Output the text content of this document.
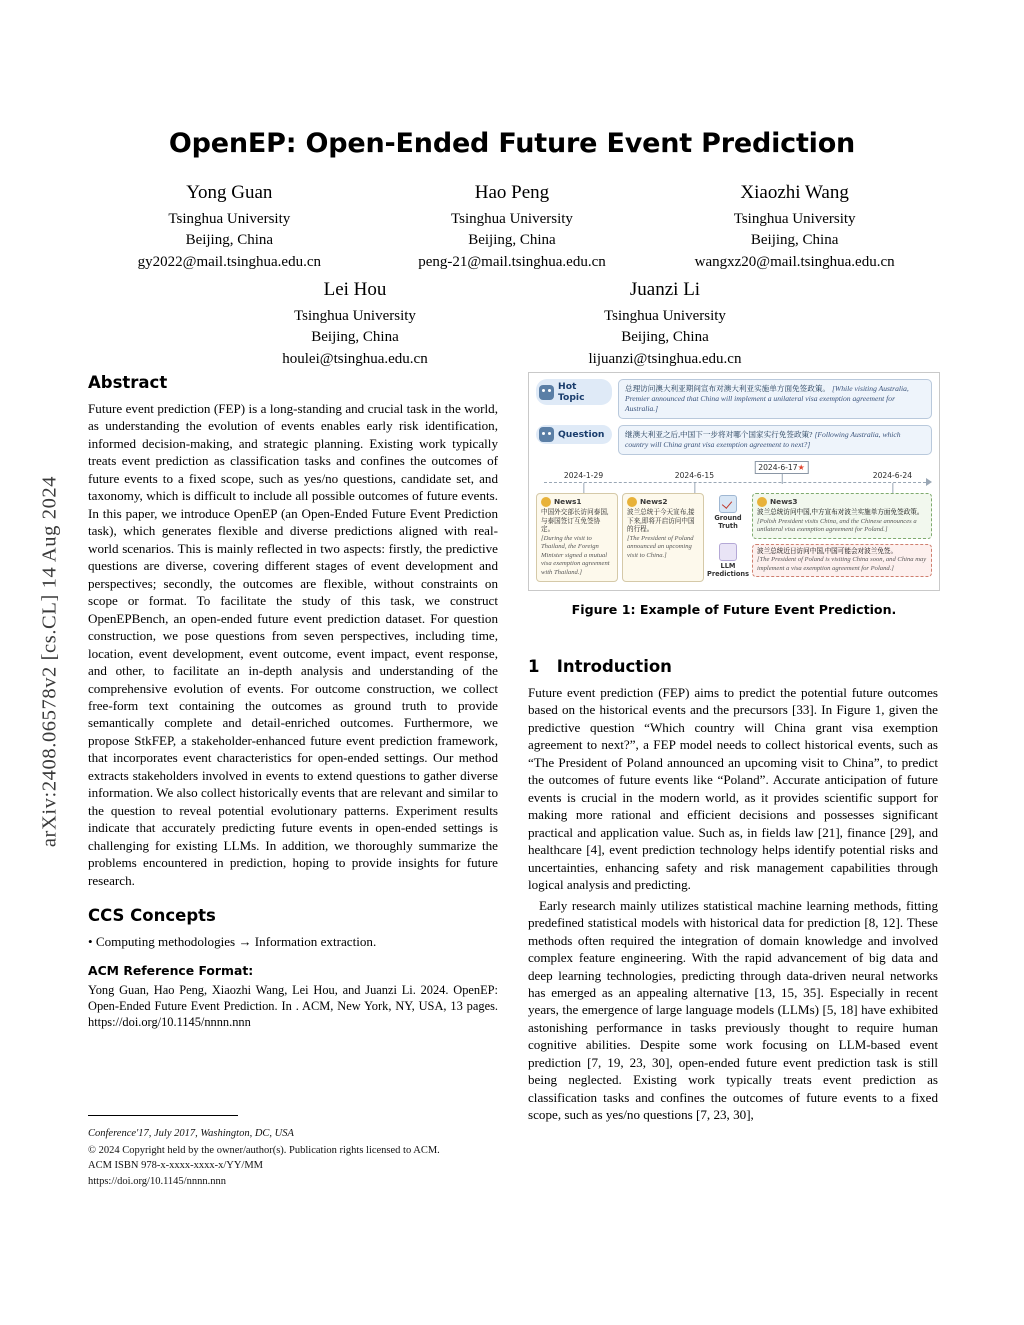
arXiv:2408.06578v2 [cs.CL] 14 Aug 2024
OpenEP: Open-Ended Future Event Prediction
Yong Guan
Tsinghua University
Beijing, China
gy2022@mail.tsinghua.edu.cn
Hao Peng
Tsinghua University
Beijing, China
peng-21@mail.tsinghua.edu.cn
Xiaozhi Wang
Tsinghua University
Beijing, China
wangxz20@mail.tsinghua.edu.cn
Lei Hou
Tsinghua University
Beijing, China
houlei@tsinghua.edu.cn
Juanzi Li
Tsinghua University
Beijing, China
lijuanzi@tsinghua.edu.cn
Abstract

Future event prediction (FEP) is a long-standing and crucial task in the world, as understanding the evolution of events enables early risk identification, informed decision-making, and strategic planning. Existing work typically treats event prediction as classification tasks and confines the outcomes of future events to a fixed scope, such as yes/no questions, candidate set, and taxonomy, which is difficult to include all possible outcomes of future events. In this paper, we introduce OpenEP (an Open-Ended Future Event Prediction task), which generates flexible and diverse predictions aligned with real-world scenarios. This is mainly reflected in two aspects: firstly, the predictive questions are diverse, covering different stages of event development and perspectives; secondly, the outcomes are flexible, without constraints on scope or format. To facilitate the study of this task, we construct OpenEPBench, an open-ended future event prediction dataset. For question construction, we pose questions from seven perspectives, including time, location, event development, event outcome, event impact, event response, and other, to facilitate an in-depth analysis and understanding of the comprehensive evolution of events. For outcome construction, we collect free-form text containing the outcomes as ground truth to provide semantically complete and detail-enriched outcomes. Furthermore, we propose StkFEP, a stakeholder-enhanced future event prediction framework, that incorporates event characteristics for open-ended settings. Our method extracts stakeholders involved in events to extend questions to gather diverse information. We also collect historically events that are relevant and similar to the question to reveal potential evolutionary patterns. Experiment results indicate that accurately predicting future events in open-ended settings is challenging for existing LLMs. In addition, we thoroughly summarize the problems encountered in prediction, hoping to provide insights for future research.

CCS Concepts
• Computing methodologies → Information extraction.
ACM Reference Format:

Yong Guan, Hao Peng, Xiaozhi Wang, Lei Hou, and Juanzi Li. 2024. OpenEP: Open-Ended Future Event Prediction. In . ACM, New York, NY, USA, 13 pages. https://doi.org/10.1145/nnnn.nnn

Conference'17, July 2017, Washington, DC, USA
© 2024 Copyright held by the owner/author(s). Publication rights licensed to ACM.
ACM ISBN 978-x-xxxx-xxxx-x/YY/MM
https://doi.org/10.1145/nnnn.nnn
Hot Topic
总理访问澳大利亚期间宣布对澳大利亚实施单方面免签政策。 [While visiting Australia, Premier announced that China will implement a unilateral visa exemption agreement for Australia.]
Question	继澳大利亚之后,中国下一步将对哪个国家实行免签政策? [Following Australia, which country will China grant visa exemption agreement to next?]
2024-1-29	2024-6-15
2024-6-17★
2024-6-24
News1
中国外交部长访问泰国,与泰国签订互免签协定。
[During the visit to Thailand, the Foreign Minister signed a mutual visa exemption agreement with Thailand.]
News2
波兰总统于今天宣布,接下来,即将开启访问中国的行程。
[The President of Poland announced an upcoming visit to China.]
Ground Truth
LLM Predictions
News3
波兰总统访问中国,中方宣布对波兰实施单方面免签政策。
[Polish President visits China, and the Chinese announces a unilateral visa exemption agreement for Poland.]
波兰总统近日访问中国,中国可能会对波兰免签。
[The President of Poland is visiting China soon, and China may implement a visa exemption agreement for Poland.]
Figure 1: Example of Future Event Prediction.
1 Introduction

Future event prediction (FEP) aims to predict the potential future outcomes based on the historical events and the precursors [33]. In Figure 1, given the predictive question “Which country will China grant visa exemption agreement to next?”, a FEP model needs to collect historical events, such as “The President of Poland announced an upcoming visit to China”, to predict the outcomes of future events like “Poland”. Accurate anticipation of future events is crucial in the modern world, as it provides scientific support for making more rational and efficient decisions and possesses significant practical and application value. Such as, in fields law [21], finance [29], and healthcare [4], event prediction technology helps identify potential risks and uncertainties, enhancing safety and risk management capabilities through logical analysis and predicting.

Early research mainly utilizes statistical machine learning methods, fitting predefined statistical models with historical data for prediction [8, 12]. These methods often required the integration of domain knowledge and involved complex feature engineering. With the rapid advancement of big data and deep learning technologies, predicting through data-driven neural networks has emerged as an appealing alternative [13, 15, 35]. Especially in recent years, the emergence of large language models (LLMs) [5, 18] have exhibited astonishing performance in tasks previously thought to require human cognitive abilities. Despite some work focusing on LLM-based event prediction [7, 19, 23, 30], open-ended future event prediction task is still being neglected. Existing work typically treats event prediction as classification tasks and confines the outcomes of future events to a fixed scope, such as yes/no questions [7, 23, 30],
